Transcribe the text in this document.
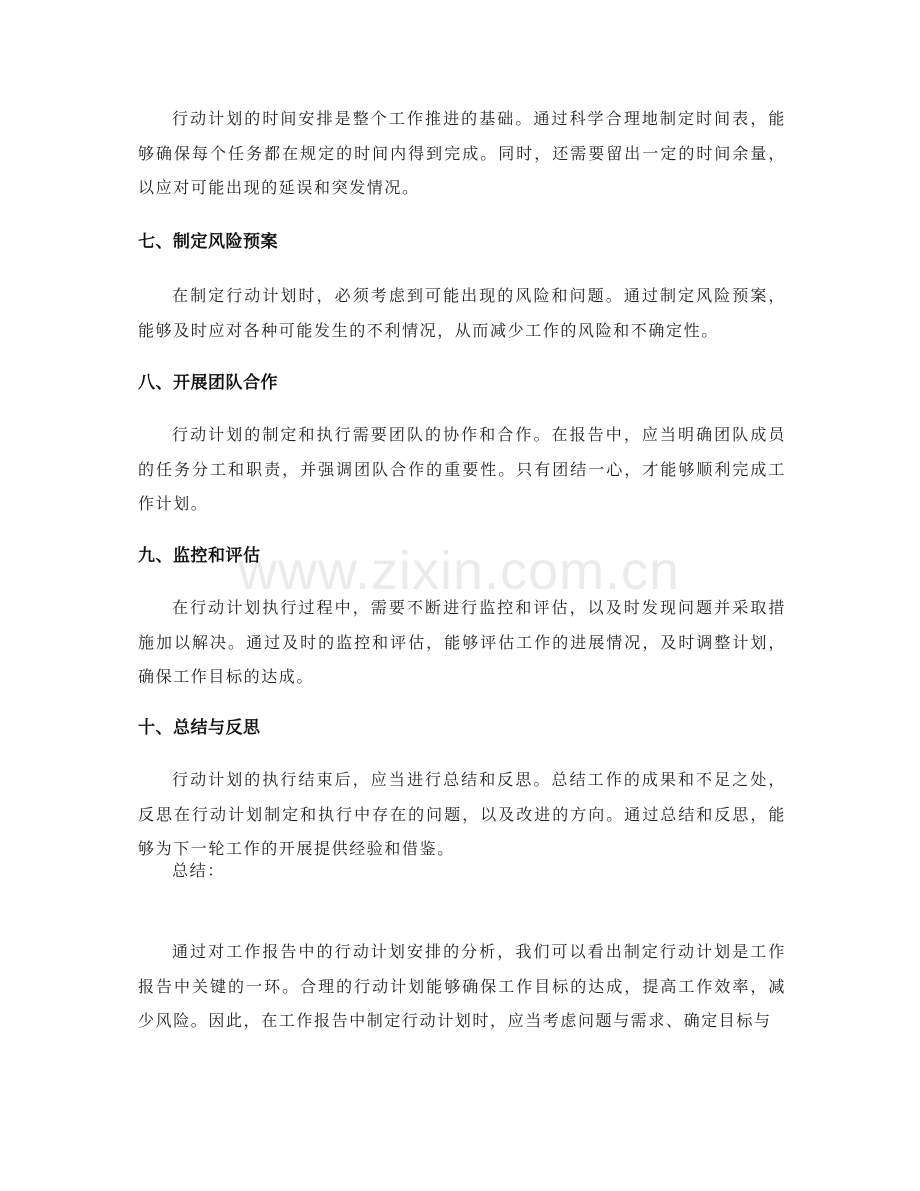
行动计划的时间安排是整个工作推进的基础。通过科学合理地制定时间表，能够确保每个任务都在规定的时间内得到完成。同时，还需要留出一定的时间余量，以应对可能出现的延误和突发情况。

七、制定风险预案

在制定行动计划时，必须考虑到可能出现的风险和问题。通过制定风险预案，能够及时应对各种可能发生的不利情况，从而减少工作的风险和不确定性。

八、开展团队合作

行动计划的制定和执行需要团队的协作和合作。在报告中，应当明确团队成员的任务分工和职责，并强调团队合作的重要性。只有团结一心，才能够顺利完成工作计划。

九、监控和评估

在行动计划执行过程中，需要不断进行监控和评估，以及时发现问题并采取措施加以解决。通过及时的监控和评估，能够评估工作的进展情况，及时调整计划，确保工作目标的达成。

十、总结与反思

行动计划的执行结束后，应当进行总结和反思。总结工作的成果和不足之处，反思在行动计划制定和执行中存在的问题，以及改进的方向。通过总结和反思，能够为下一轮工作的开展提供经验和借鉴。

总结：

通过对工作报告中的行动计划安排的分析，我们可以看出制定行动计划是工作报告中关键的一环。合理的行动计划能够确保工作目标的达成，提高工作效率，减少风险。因此，在工作报告中制定行动计划时，应当考虑问题与需求、确定目标与

www.zixin.com.cn
